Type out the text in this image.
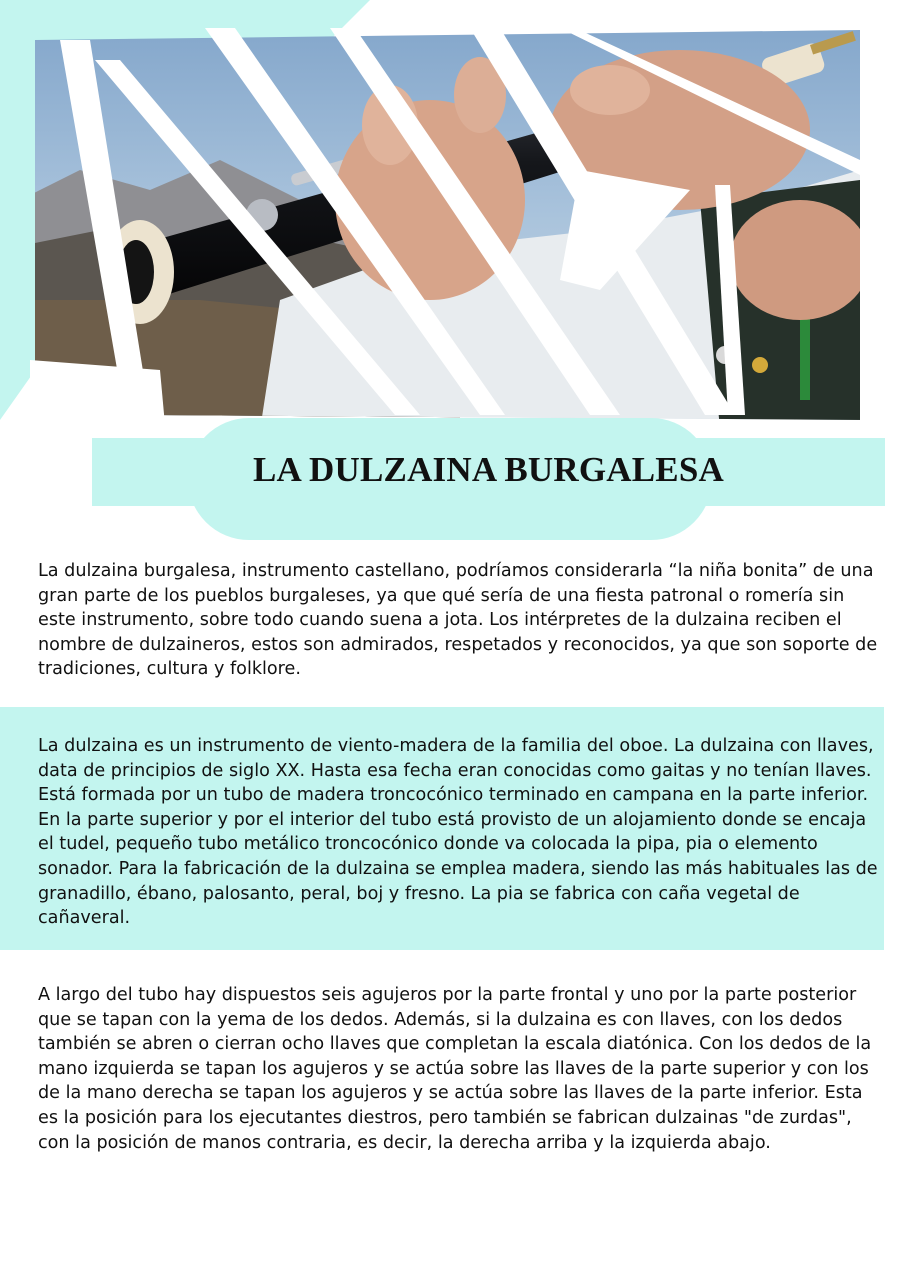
LA DULZAINA BURGALESA

La dulzaina burgalesa, instrumento castellano, podríamos considerarla “la niña bonita” de una gran parte de los pueblos burgaleses, ya que qué sería de una fiesta patronal o romería sin este instrumento, sobre todo cuando suena a jota. Los intérpretes de la dulzaina reciben el nombre de dulzaineros, estos son admirados, respetados y reconocidos, ya que son soporte de tradiciones, cultura y folklore.

La dulzaina es un instrumento de viento-madera de la familia del oboe. La dulzaina con llaves, data de principios de siglo XX. Hasta esa fecha eran conocidas como gaitas y no tenían llaves. Está formada por un tubo de madera troncocónico terminado en campana en la parte inferior. En la parte superior y por el interior del tubo está provisto de un alojamiento donde se encaja el tudel, pequeño tubo metálico troncocónico donde va colocada la pipa, pia o elemento sonador. Para la fabricación de la dulzaina se emplea madera, siendo las más habituales las de granadillo, ébano, palosanto, peral, boj y fresno. La pia se fabrica con caña vegetal de cañaveral.

A largo del tubo hay dispuestos seis agujeros por la parte frontal y uno por la parte posterior que se tapan con la yema de los dedos. Además, si la dulzaina es con llaves, con los dedos también se abren o cierran ocho llaves que completan la escala diatónica. Con los dedos de la mano izquierda se tapan los agujeros y se actúa sobre las llaves de la parte superior y con los de la mano derecha se tapan los agujeros y se actúa sobre las llaves de la parte inferior. Esta es la posición para los ejecutantes diestros, pero también se fabrican dulzainas "de zurdas", con la posición de manos contraria, es decir, la derecha arriba y la izquierda abajo.
